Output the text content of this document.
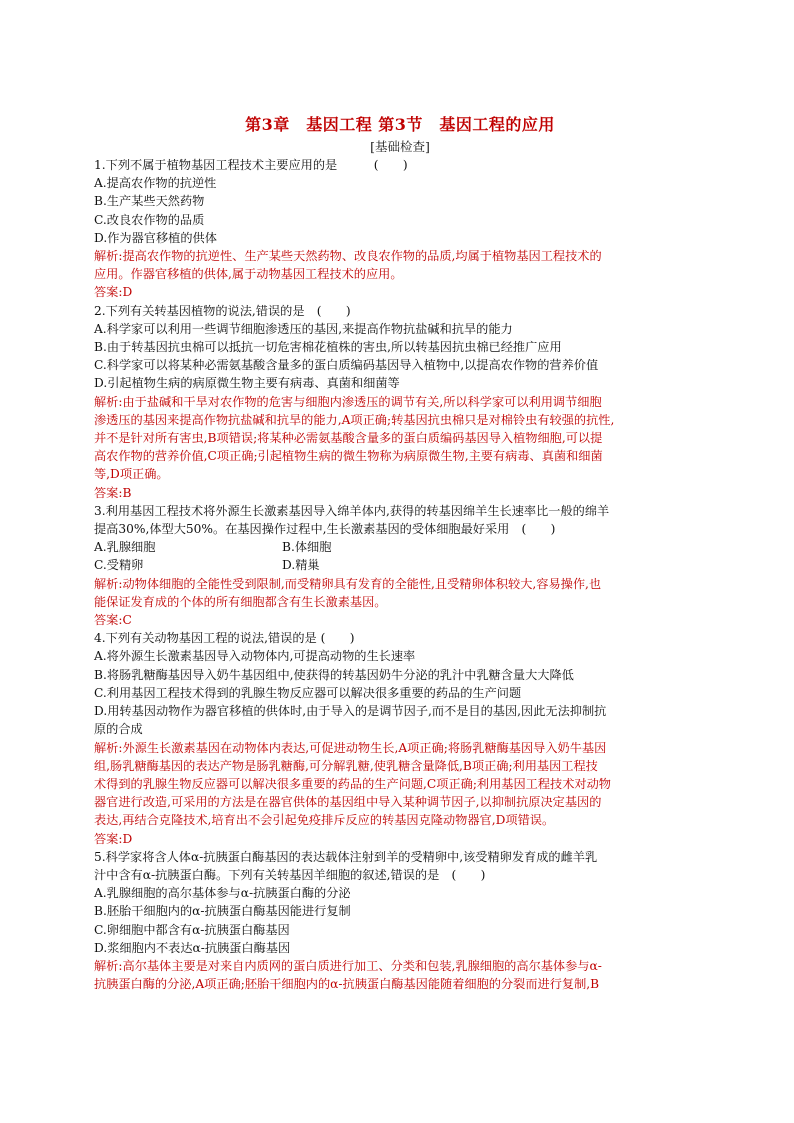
第3章　基因工程 第3节　基因工程的应用
[基础检查]
1.下列不属于植物基因工程技术主要应用的是　　　(　　)
A.提高农作物的抗逆性
B.生产某些天然药物
C.改良农作物的品质
D.作为器官移植的供体
解析:提高农作物的抗逆性、生产某些天然药物、改良农作物的品质,均属于植物基因工程技术的
应用。作器官移植的供体,属于动物基因工程技术的应用。
答案:D
2.下列有关转基因植物的说法,错误的是　(　　)
A.科学家可以利用一些调节细胞渗透压的基因,来提高作物抗盐碱和抗旱的能力
B.由于转基因抗虫棉可以抵抗一切危害棉花植株的害虫,所以转基因抗虫棉已经推广应用
C.科学家可以将某种必需氨基酸含量多的蛋白质编码基因导入植物中,以提高农作物的营养价值
D.引起植物生病的病原微生物主要有病毒、真菌和细菌等
解析:由于盐碱和干旱对农作物的危害与细胞内渗透压的调节有关,所以科学家可以利用调节细胞
渗透压的基因来提高作物抗盐碱和抗旱的能力,A项正确;转基因抗虫棉只是对棉铃虫有较强的抗性,
并不是针对所有害虫,B项错误;将某种必需氨基酸含量多的蛋白质编码基因导入植物细胞,可以提
高农作物的营养价值,C项正确;引起植物生病的微生物称为病原微生物,主要有病毒、真菌和细菌
等,D项正确。
答案:B
3.利用基因工程技术将外源生长激素基因导入绵羊体内,获得的转基因绵羊生长速率比一般的绵羊
提高30%,体型大50%。在基因操作过程中,生长激素基因的受体细胞最好采用　(　　)
A.乳腺细胞	B.体细胞
C.受精卵	D.精巢
解析:动物体细胞的全能性受到限制,而受精卵具有发育的全能性,且受精卵体积较大,容易操作,也
能保证发育成的个体的所有细胞都含有生长激素基因。
答案:C
4.下列有关动物基因工程的说法,错误的是 (　　)
A.将外源生长激素基因导入动物体内,可提高动物的生长速率
B.将肠乳糖酶基因导入奶牛基因组中,使获得的转基因奶牛分泌的乳汁中乳糖含量大大降低
C.利用基因工程技术得到的乳腺生物反应器可以解决很多重要的药品的生产问题
D.用转基因动物作为器官移植的供体时,由于导入的是调节因子,而不是目的基因,因此无法抑制抗
原的合成
解析:外源生长激素基因在动物体内表达,可促进动物生长,A项正确;将肠乳糖酶基因导入奶牛基因
组,肠乳糖酶基因的表达产物是肠乳糖酶,可分解乳糖,使乳糖含量降低,B项正确;利用基因工程技
术得到的乳腺生物反应器可以解决很多重要的药品的生产问题,C项正确;利用基因工程技术对动物
器官进行改造,可采用的方法是在器官供体的基因组中导入某种调节因子,以抑制抗原决定基因的
表达,再结合克隆技术,培育出不会引起免疫排斥反应的转基因克隆动物器官,D项错误。
答案:D
5.科学家将含人体α-抗胰蛋白酶基因的表达载体注射到羊的受精卵中,该受精卵发育成的雌羊乳
汁中含有α-抗胰蛋白酶。下列有关转基因羊细胞的叙述,错误的是　(　　)
A.乳腺细胞的高尔基体参与α-抗胰蛋白酶的分泌
B.胚胎干细胞内的α-抗胰蛋白酶基因能进行复制
C.卵细胞中都含有α-抗胰蛋白酶基因
D.浆细胞内不表达α-抗胰蛋白酶基因
解析:高尔基体主要是对来自内质网的蛋白质进行加工、分类和包装,乳腺细胞的高尔基体参与α-
抗胰蛋白酶的分泌,A项正确;胚胎干细胞内的α-抗胰蛋白酶基因能随着细胞的分裂而进行复制,B
